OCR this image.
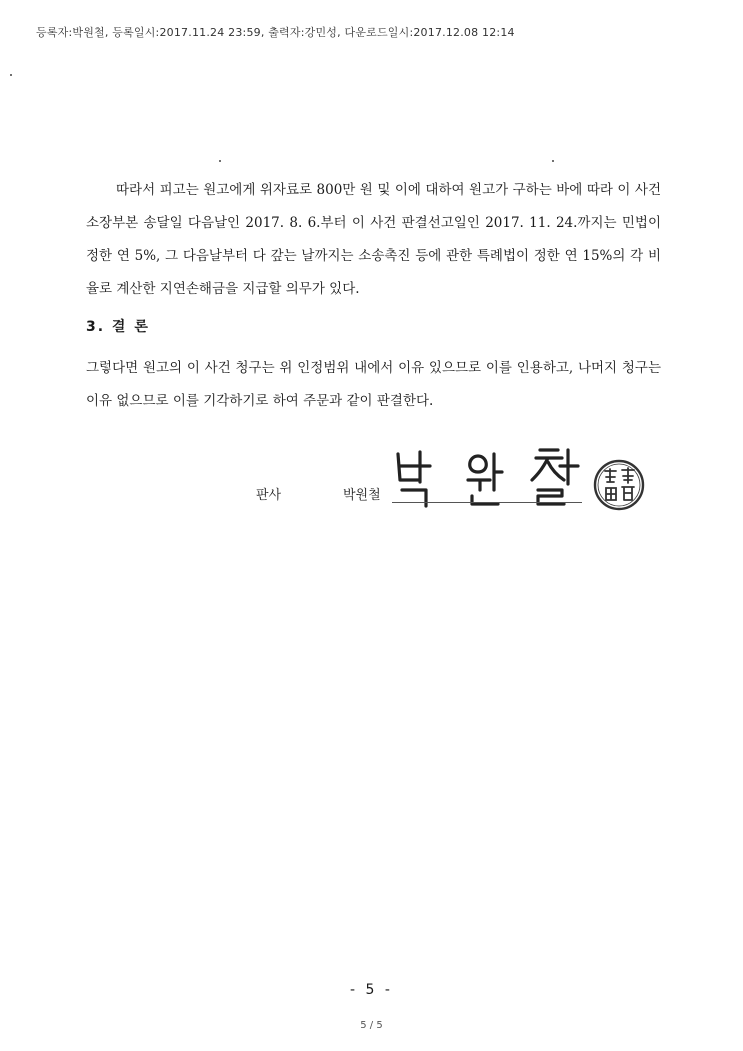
등록자:박원철, 등록일시:2017.11.24 23:59, 출력자:강민성, 다운로드일시:2017.12.08 12:14
따라서 피고는 원고에게 위자료로 800만 원 및 이에 대하여 원고가 구하는 바에 따라 이 사건 소장부본 송달일 다음날인 2017. 8. 6.부터 이 사건 판결선고일인 2017. 11. 24.까지는 민법이 정한 연 5%, 그 다음날부터 다 갚는 날까지는 소송촉진 등에 관한 특례법이 정한 연 15%의 각 비율로 계산한 지연손해금을 지급할 의무가 있다.
3. 결 론
그렇다면 원고의 이 사건 청구는 위 인정범위 내에서 이유 있으므로 이를 인용하고, 나머지 청구는 이유 없으므로 이를 기각하기로 하여 주문과 같이 판결한다.
판사	박원철
- 5 -
5 / 5
